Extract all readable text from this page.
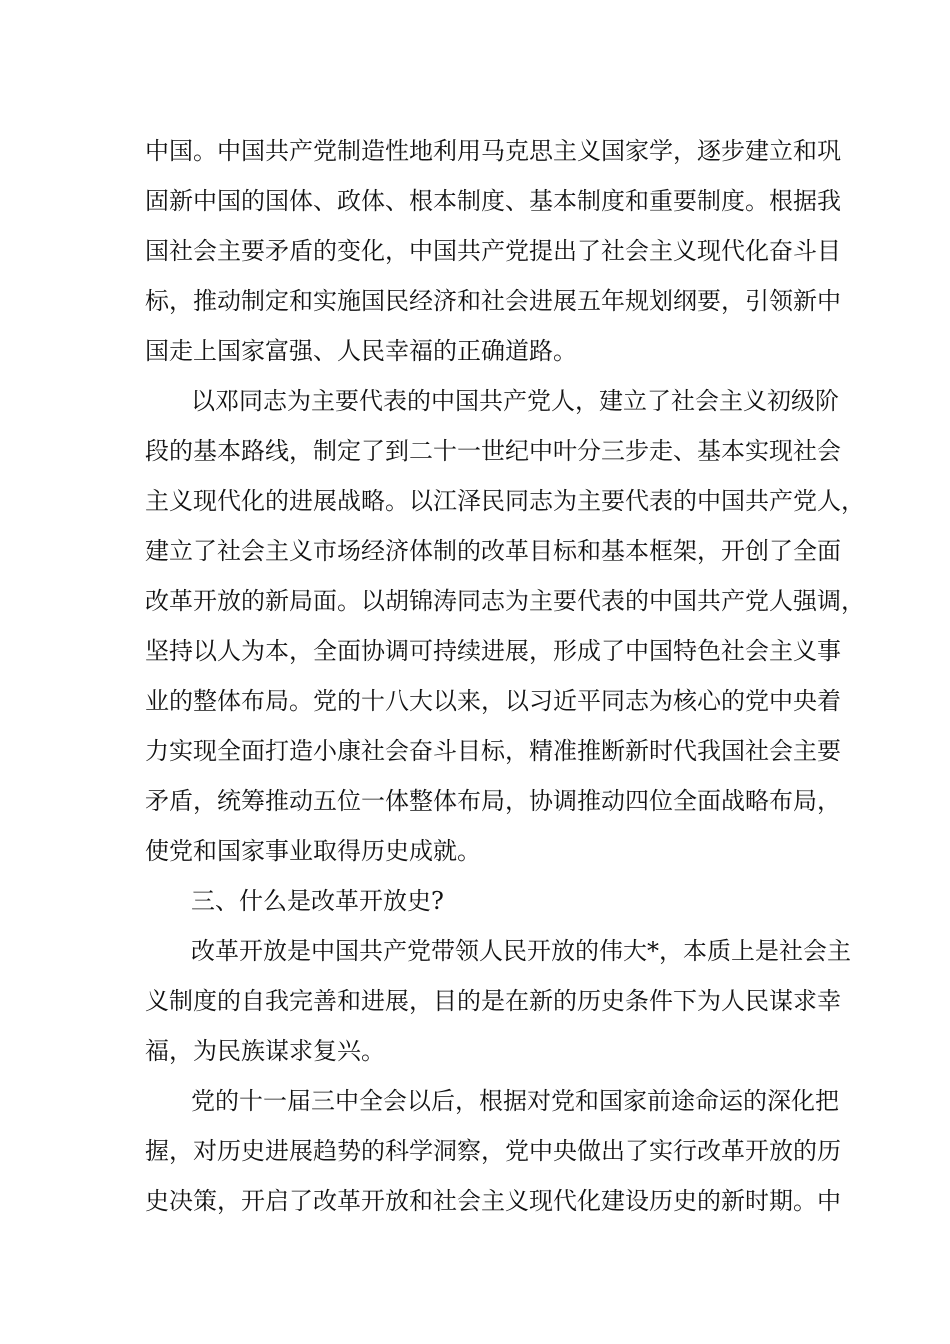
中国。中国共产党制造性地利用马克思主义国家学，逐步建立和巩
固新中国的国体、政体、根本制度、基本制度和重要制度。根据我
国社会主要矛盾的变化，中国共产党提出了社会主义现代化奋斗目
标，推动制定和实施国民经济和社会进展五年规划纲要，引领新中
国走上国家富强、人民幸福的正确道路。
以邓同志为主要代表的中国共产党人，建立了社会主义初级阶
段的基本路线，制定了到二十一世纪中叶分三步走、基本实现社会
主义现代化的进展战略。以江泽民同志为主要代表的中国共产党人，
建立了社会主义市场经济体制的改革目标和基本框架，开创了全面
改革开放的新局面。以胡锦涛同志为主要代表的中国共产党人强调，
坚持以人为本，全面协调可持续进展，形成了中国特色社会主义事
业的整体布局。党的十八大以来，以习近平同志为核心的党中央着
力实现全面打造小康社会奋斗目标，精准推断新时代我国社会主要
矛盾，统筹推动五位一体整体布局，协调推动四位全面战略布局，
使党和国家事业取得历史成就。
三、什么是改革开放史?
改革开放是中国共产党带领人民开放的伟大*，本质上是社会主
义制度的自我完善和进展，目的是在新的历史条件下为人民谋求幸
福，为民族谋求复兴。
党的十一届三中全会以后，根据对党和国家前途命运的深化把
握，对历史进展趋势的科学洞察，党中央做出了实行改革开放的历
史决策，开启了改革开放和社会主义现代化建设历史的新时期。中
